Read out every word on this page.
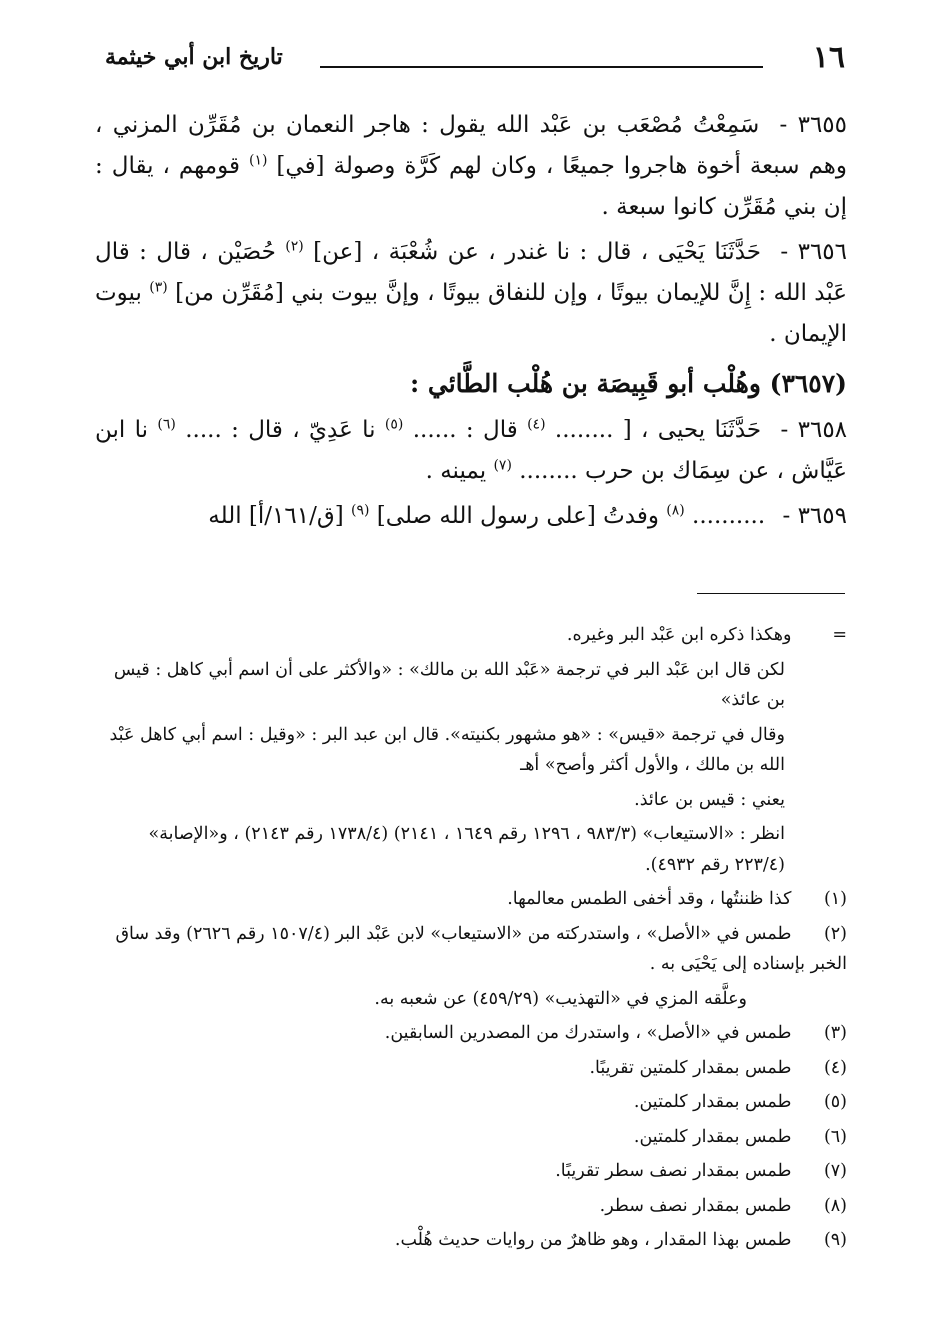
١٦
تاريخ ابن أبي خيثمة

٣٦٥٥ - سَمِعْتُ مُصْعَب بن عَبْد الله يقول : هاجر النعمان بن مُقَرِّن المزني ، وهم سبعة أخوة هاجروا جميعًا ، وكان لهم كَرَّة وصولة [في] $^{(١)}$ قومهم ، يقال : إن بني مُقَرِّن كانوا سبعة .

٣٦٥٦ - حَدَّثَنَا يَحْيَى ، قال : نا غندر ، عن شُعْبَة ، [عن] $^{(٢)}$ حُصَيْن ، قال : قال عَبْد الله : إِنَّ للإيمان بيوتًا ، وإن للنفاق بيوتًا ، وإنَّ بيوت بني [مُقَرِّن من] $^{(٣)}$ بيوت الإيمان .

(٣٦٥٧) وهُلْب أبو قَبِيصَة بن هُلْب الطَّائي :

٣٦٥٨ - حَدَّثَنَا يحيى ، [ ........ $^{(٤)}$ قال : ...... $^{(٥)}$ نا عَدِيّ ، قال : ..... $^{(٦)}$ نا ابن عَيَّاش ، عن سِمَاك بن حرب ........ $^{(٧)}$ يمينه .

٣٦٥٩ - .......... $^{(٨)}$ وفدتُ [على رسول الله صلى] $^{(٩)}$ [ق/١٦١/أ] الله

= وهكذا ذكره ابن عَبْد البر وغيره.
لكن قال ابن عَبْد البر في ترجمة «عَبْد الله بن مالك» : «والأكثر على أن اسم أبي كاهل : قيس بن عائذ»
وقال في ترجمة «قيس» : «هو مشهور بكنيته». قال ابن عبد البر : «وقيل : اسم أبي كاهل عَبْد الله بن مالك ، والأول أكثر وأصح» أهـ
يعني : قيس بن عائذ.
انظر : «الاستيعاب» (٩٨٣/٣ ، ١٢٩٦ رقم ١٦٤٩ ، ٢١٤١) (١٧٣٨/٤ رقم ٢١٤٣) ، و«الإصابة» (٢٢٣/٤ رقم ٤٩٣٢).
(١) كذا ظننتُها ، وقد أخفى الطمس معالمها.
(٢) طمس في «الأصل» ، واستدركته من «الاستيعاب» لابن عَبْد البر (١٥٠٧/٤ رقم ٢٦٢٦) وقد ساق الخبر بإسناده إلى يَحْيَى به .
وعلَّقه المزي في «التهذيب» (٤٥٩/٢٩) عن شعبه به.
(٣) طمس في «الأصل» ، واستدرك من المصدرين السابقين.
(٤) طمس بمقدار كلمتين تقريبًا.
(٥) طمس بمقدار كلمتين.
(٦) طمس بمقدار كلمتين.
(٧) طمس بمقدار نصف سطر تقريبًا.
(٨) طمس بمقدار نصف سطر.
(٩) طمس بهذا المقدار ، وهو ظاهرٌ من روايات حديث هُلْب.
